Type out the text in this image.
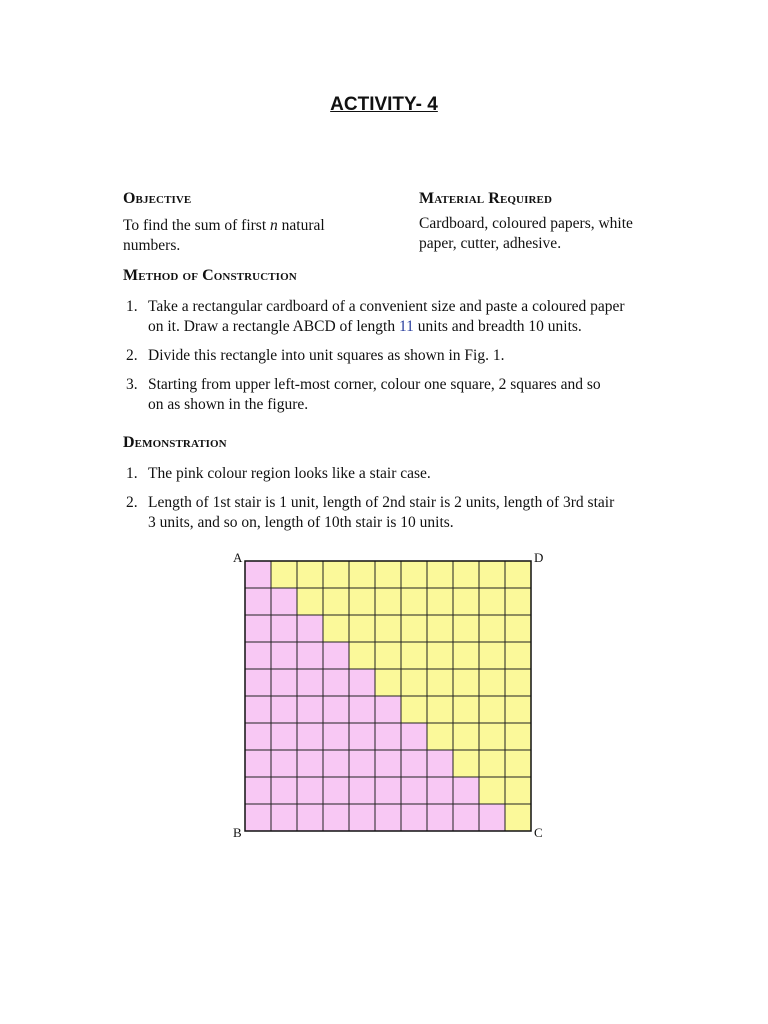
ACTIVITY- 4
Objective

To find the sum of first n natural
numbers.

Material Required

Cardboard, coloured papers, white
paper, cutter, adhesive.

Method of Construction
1. Take a rectangular cardboard of a convenient size and paste a coloured paper
on it. Draw a rectangle ABCD of length 11 units and breadth 10 units.
2. Divide this rectangle into unit squares as shown in Fig. 1.
3. Starting from upper left-most corner, colour one square, 2 squares and so
on as shown in the figure.
Demonstration
1. The pink colour region looks like a stair case.
2. Length of 1st stair is 1 unit, length of 2nd stair is 2 units, length of 3rd stair
3 units, and so on, length of 10th stair is 10 units.
A	D
B	C
